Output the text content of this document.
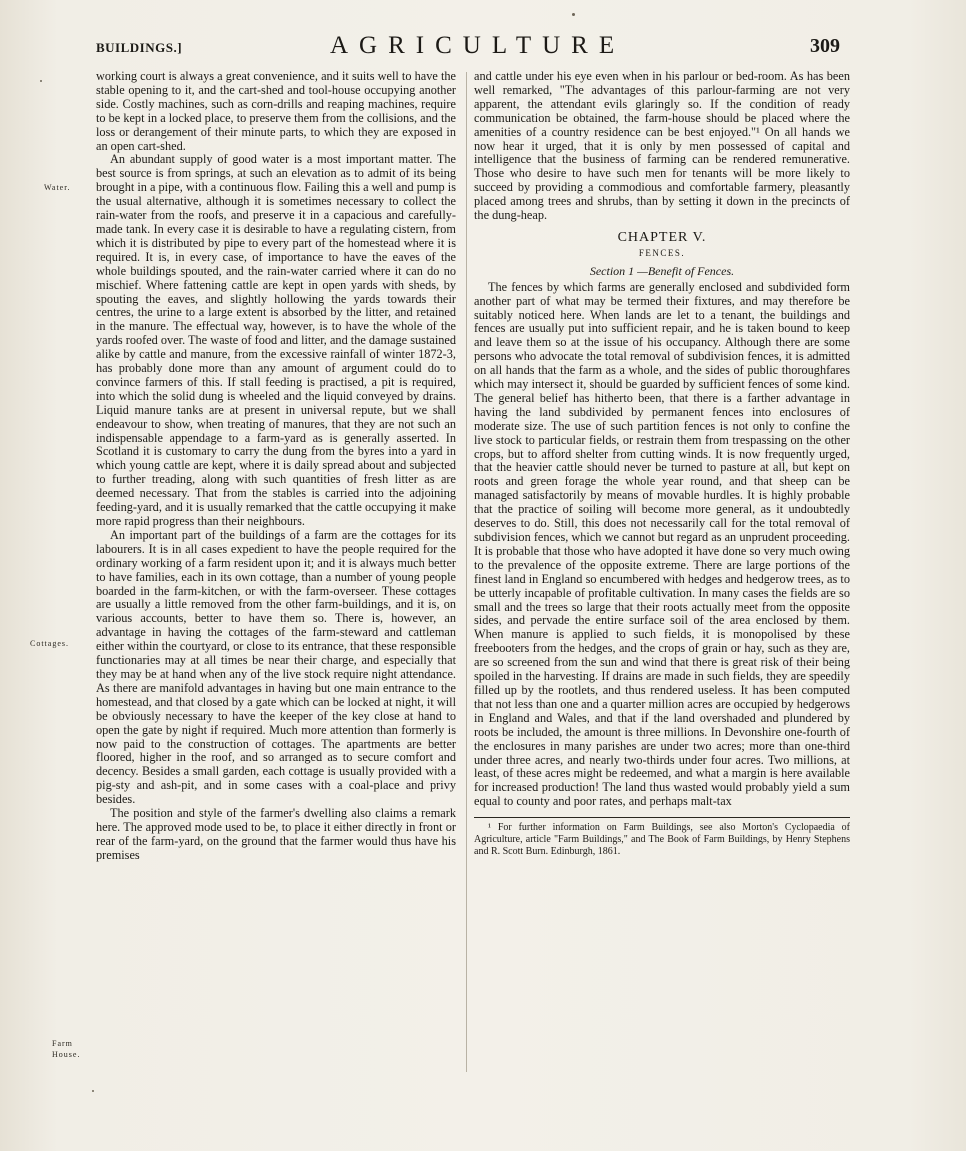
BUILDINGS.]	AGRICULTURE	309
Water.
Cottages.
Farm
House.

working court is always a great convenience, and it suits well to have the stable opening to it, and the cart-shed and tool-house occupying another side. Costly machines, such as corn-drills and reaping machines, require to be kept in a locked place, to preserve them from the collisions, and the loss or derangement of their minute parts, to which they are exposed in an open cart-shed.

An abundant supply of good water is a most important matter. The best source is from springs, at such an elevation as to admit of its being brought in a pipe, with a continuous flow. Failing this a well and pump is the usual alternative, although it is sometimes necessary to collect the rain-water from the roofs, and preserve it in a capacious and carefully-made tank. In every case it is desirable to have a regulating cistern, from which it is distributed by pipe to every part of the homestead where it is required. It is, in every case, of importance to have the eaves of the whole buildings spouted, and the rain-water carried where it can do no mischief. Where fattening cattle are kept in open yards with sheds, by spouting the eaves, and slightly hollowing the yards towards their centres, the urine to a large extent is absorbed by the litter, and retained in the manure. The effectual way, however, is to have the whole of the yards roofed over. The waste of food and litter, and the damage sustained alike by cattle and manure, from the excessive rainfall of winter 1872-3, has probably done more than any amount of argument could do to convince farmers of this. If stall feeding is practised, a pit is required, into which the solid dung is wheeled and the liquid conveyed by drains. Liquid manure tanks are at present in universal repute, but we shall endeavour to show, when treating of manures, that they are not such an indispensable appendage to a farm-yard as is generally asserted. In Scotland it is customary to carry the dung from the byres into a yard in which young cattle are kept, where it is daily spread about and subjected to further treading, along with such quantities of fresh litter as are deemed necessary. That from the stables is carried into the adjoining feeding-yard, and it is usually remarked that the cattle occupying it make more rapid progress than their neighbours.

An important part of the buildings of a farm are the cottages for its labourers. It is in all cases expedient to have the people required for the ordinary working of a farm resident upon it; and it is always much better to have families, each in its own cottage, than a number of young people boarded in the farm-kitchen, or with the farm-overseer. These cottages are usually a little removed from the other farm-buildings, and it is, on various accounts, better to have them so. There is, however, an advantage in having the cottages of the farm-steward and cattleman either within the courtyard, or close to its entrance, that these responsible functionaries may at all times be near their charge, and especially that they may be at hand when any of the live stock require night attendance. As there are manifold advantages in having but one main entrance to the homestead, and that closed by a gate which can be locked at night, it will be obviously necessary to have the keeper of the key close at hand to open the gate by night if required. Much more attention than formerly is now paid to the construction of cottages. The apartments are better floored, higher in the roof, and so arranged as to secure comfort and decency. Besides a small garden, each cottage is usually provided with a pig-sty and ash-pit, and in some cases with a coal-place and privy besides.

The position and style of the farmer's dwelling also claims a remark here. The approved mode used to be, to place it either directly in front or rear of the farm-yard, on the ground that the farmer would thus have his premises

and cattle under his eye even when in his parlour or bed-room. As has been well remarked, "The advantages of this parlour-farming are not very apparent, the attendant evils glaringly so. If the condition of ready communication be obtained, the farm-house should be placed where the amenities of a country residence can be best enjoyed."¹ On all hands we now hear it urged, that it is only by men possessed of capital and intelligence that the business of farming can be rendered remunerative. Those who desire to have such men for tenants will be more likely to succeed by providing a commodious and comfortable farmery, pleasantly placed among trees and shrubs, than by setting it down in the precincts of the dung-heap.

CHAPTER V.
FENCES.
Section 1 —Benefit of Fences.

The fences by which farms are generally enclosed and subdivided form another part of what may be termed their fixtures, and may therefore be suitably noticed here. When lands are let to a tenant, the buildings and fences are usually put into sufficient repair, and he is taken bound to keep and leave them so at the issue of his occupancy. Although there are some persons who advocate the total removal of subdivision fences, it is admitted on all hands that the farm as a whole, and the sides of public thoroughfares which may intersect it, should be guarded by sufficient fences of some kind. The general belief has hitherto been, that there is a farther advantage in having the land subdivided by permanent fences into enclosures of moderate size. The use of such partition fences is not only to confine the live stock to particular fields, or restrain them from trespassing on the other crops, but to afford shelter from cutting winds. It is now frequently urged, that the heavier cattle should never be turned to pasture at all, but kept on roots and green forage the whole year round, and that sheep can be managed satisfactorily by means of movable hurdles. It is highly probable that the practice of soiling will become more general, as it undoubtedly deserves to do. Still, this does not necessarily call for the total removal of subdivision fences, which we cannot but regard as an unprudent proceeding. It is probable that those who have adopted it have done so very much owing to the prevalence of the opposite extreme. There are large portions of the finest land in England so encumbered with hedges and hedgerow trees, as to be utterly incapable of profitable cultivation. In many cases the fields are so small and the trees so large that their roots actually meet from the opposite sides, and pervade the entire surface soil of the area enclosed by them. When manure is applied to such fields, it is monopolised by these freebooters from the hedges, and the crops of grain or hay, such as they are, are so screened from the sun and wind that there is great risk of their being spoiled in the harvesting. If drains are made in such fields, they are speedily filled up by the rootlets, and thus rendered useless. It has been computed that not less than one and a quarter million acres are occupied by hedgerows in England and Wales, and that if the land overshaded and plundered by roots be included, the amount is three millions. In Devonshire one-fourth of the enclosures in many parishes are under two acres; more than one-third under three acres, and nearly two-thirds under four acres. Two millions, at least, of these acres might be redeemed, and what a margin is here available for increased production! The land thus wasted would probably yield a sum equal to county and poor rates, and perhaps malt-tax

¹ For further information on Farm Buildings, see also Morton's Cyclopaedia of Agriculture, article "Farm Buildings," and The Book of Farm Buildings, by Henry Stephens and R. Scott Burn. Edinburgh, 1861.
